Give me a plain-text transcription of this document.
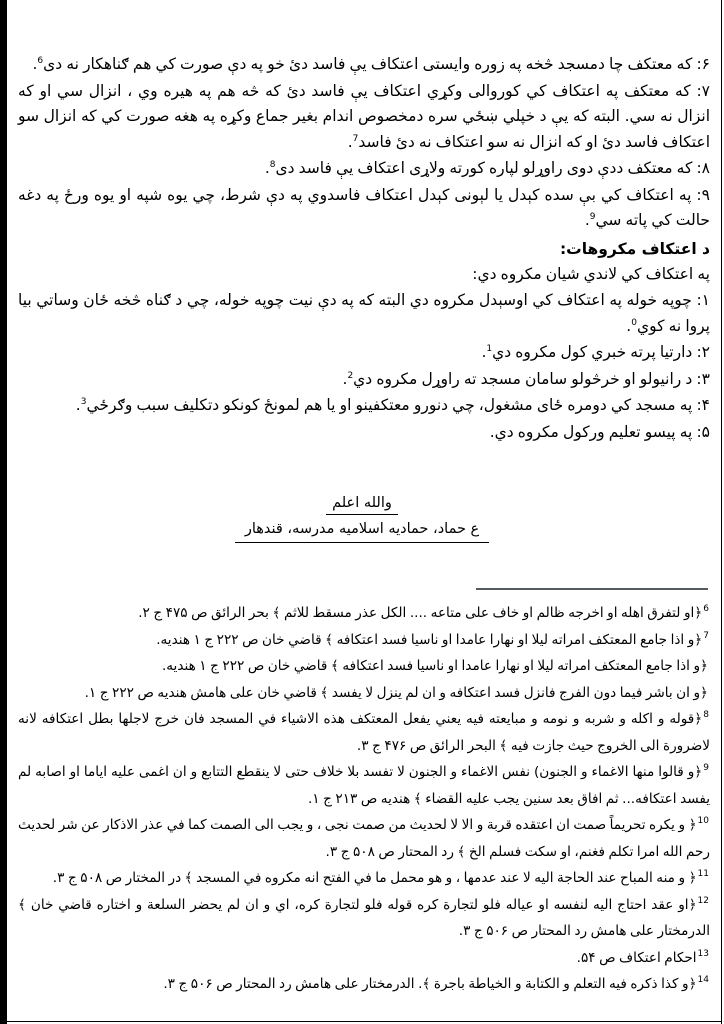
۶: که معتکف چا دمسجد څخه په زوره وايستى اعتکاف يې فاسد دئ خو په دې صورت کي هم ګناهکار نه دى$^6$.

۷: که معتکف په اعتکاف کي کوروالى وکړي اعتکاف يې فاسد دئ که څه هم په هيره وي ، انزال سي او که انزال نه سي. البته که يې د خپلي ښځي سره دمخصوص اندام بغير جماع وکړه په هغه صورت کي که انزال سو اعتکاف فاسد دئ او که انزال نه سو اعتکاف نه دئ فاسد$^7$.

۸: که معتکف ددې دوى راوړلو لپاره کورته ولاړى اعتکاف يې فاسد دى$^8$.

۹: په اعتکاف کي بې سده کېدل يا لېونى کېدل اعتکاف فاسدوي په دې شرط، چي يوه شپه او يوه ورځ په دغه حالت کي پاته سي$^9$.

د اعتکاف مکروهات:

په اعتکاف کي لاندي شيان مکروه دي:

۱: چوپه خوله په اعتکاف کي اوسېدل مکروه دي البته که په دې نيت چوپه خوله، چي د ګناه څخه ځان وساتي بيا پروا نه کوي$^0$.

۲: دارتيا پرته خبري کول مکروه دي$^1$.

۳: د رانيولو او خرڅولو سامان مسجد ته راوړل مکروه دي$^2$.

۴: په مسجد کي دومره ځاى مشغول، چي دنورو معتکفينو او يا هم لمونځ کونکو دتکليف سبب وګرځي$^3$.

۵: په پيسو تعليم ورکول مکروه دي.

والله اعلم
ع حماد، حماديه اسلاميه مدرسه، قندهار

$^6$﴿او لتفرق اهله او اخرجه ظالم او خاف على متاعه .... الکل عذر مسقط للاثم ﴾ بحر الرائق ص ۴۷۵ ج ۲.

$^7$﴿و اذا جامع المعتکف امراته ليلا او نهارا عامدا او ناسيا فسد اعتکافه ﴾ قاضي خان ص ۲۲۲ ج ۱ هنديه.

﴿و اذا جامع المعتکف امراته ليلا او نهارا عامدا او ناسيا فسد اعتکافه ﴾ قاضي خان ص ۲۲۲ ج ۱ هنديه.

﴿و ان باشر فيما دون الفرج فانزل فسد اعتکافه و ان لم ينزل لا يفسد ﴾ قاضي خان على هامش هنديه ص ۲۲۲ ج ۱.

$^8$﴿قوله و اکله و شربه و نومه و مبايعته فيه يعني يفعل المعتکف هذه الاشياء في المسجد فان خرج لاجلها بطل اعتکافه لانه لاضرورة الى الخروج حيث جازت فيه ﴾ البحر الرائق ص ۴۷۶ ج ۳.

$^9$﴿و قالوا منها الاغماء و الجنون) نفس الاغماء و الجنون لا تفسد بلا خلاف حتى لا ينقطع التتابع و ان اغمى عليه اياما او اصابه لم يفسد اعتکافه... ثم افاق بعد سنين يجب عليه القضاء ﴾ هنديه ص ۲۱۳ ج ۱.

$^{10}$﴿ و يکره تحريماً صمت ان اعتقده قربة و الا لا لحديث من صمت نجى ، و يجب الى الصمت کما في عذر الاذکار عن شر لحديث رحم الله امرا تکلم فغنم، او سکت فسلم الخ ﴾ رد المحتار ص ۵۰۸ ج ۳.

$^{11}$﴿ و منه المباح عند الحاجة اليه لا عند عدمها ، و هو محمل ما في الفتح انه مکروه في المسجد ﴾ در المختار ص ۵۰۸ ج ۳.

$^{12}$﴿او عقد احتاج اليه لنفسه او عياله فلو لتجارة کره قوله فلو لتجارة کره، اي و ان لم يحضر السلعة و اختاره قاضي خان ﴾ الدرمختار على هامش رد المحتار ص ۵۰۶ ج ۳.

$^{13}$احکام اعتکاف ص ۵۴.

$^{14}$﴿و کذا ذکره فيه التعلم و الکتابة و الخياطة باجرة ﴾. الدرمختار على هامش رد المحتار ص ۵۰۶ ج ۳.
